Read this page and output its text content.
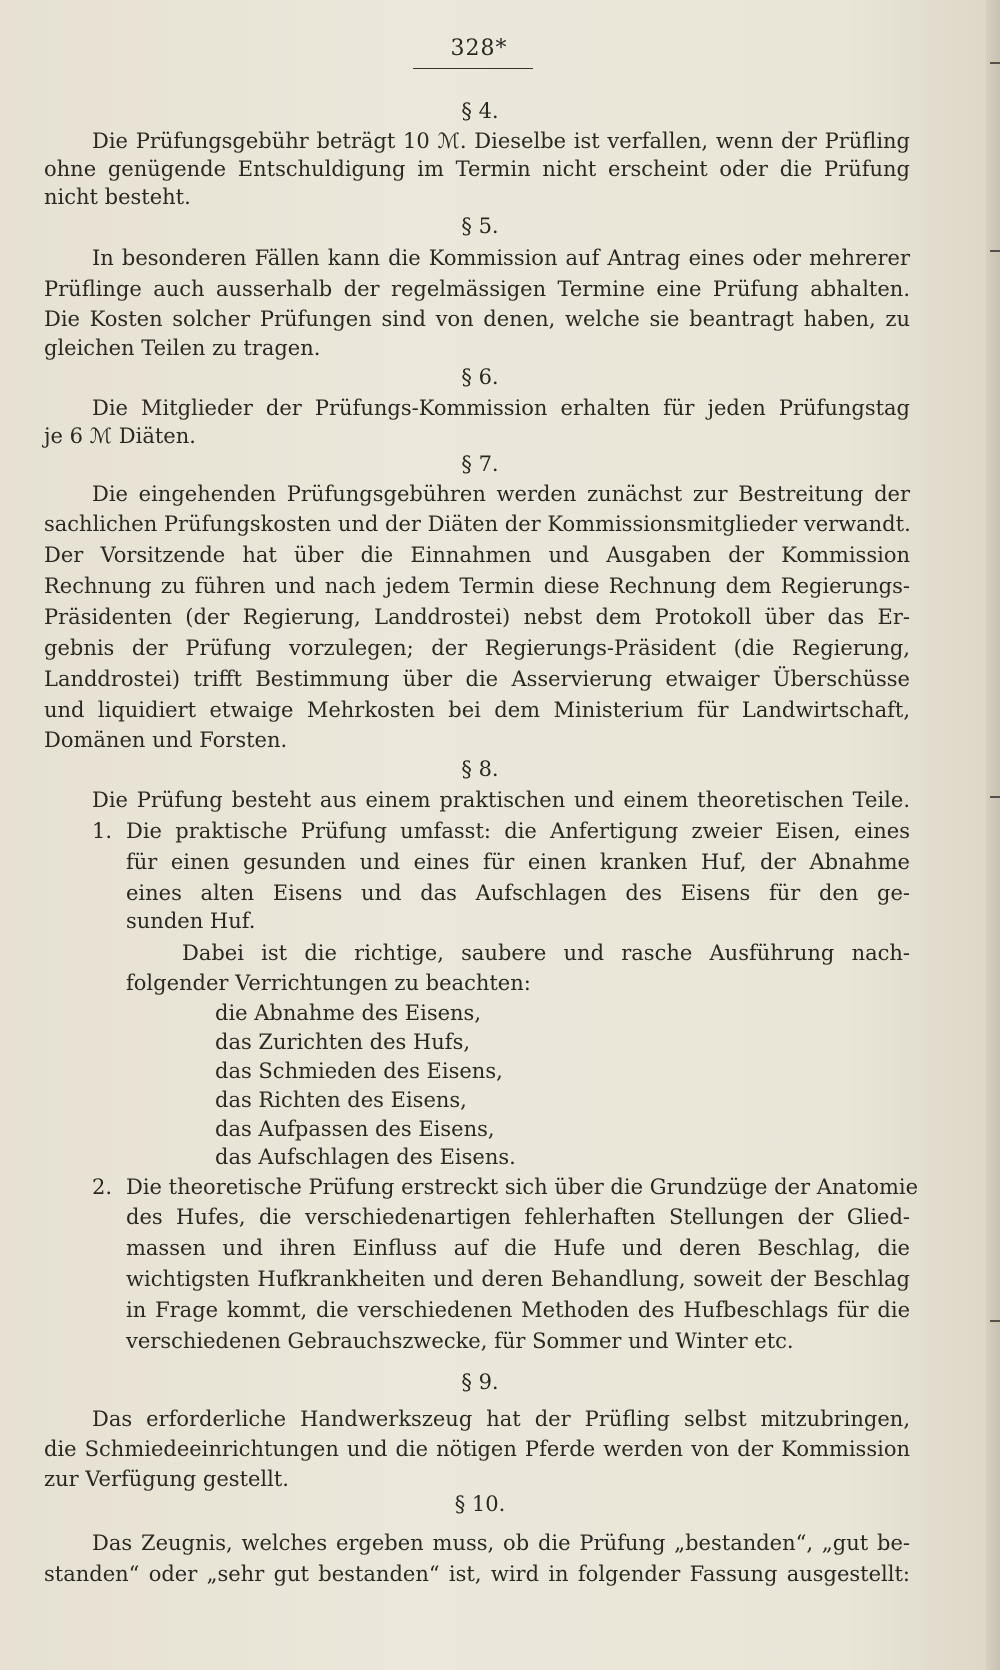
328*
§ 4.
Die Prüfungsgebühr beträgt 10 ℳ. Dieselbe ist verfallen, wenn der Prüfling
ohne genügende Entschuldigung im Termin nicht erscheint oder die Prüfung
nicht besteht.
§ 5.
In besonderen Fällen kann die Kommission auf Antrag eines oder mehrerer
Prüflinge auch ausserhalb der regelmässigen Termine eine Prüfung abhalten.
Die Kosten solcher Prüfungen sind von denen, welche sie beantragt haben, zu
gleichen Teilen zu tragen.
§ 6.
Die Mitglieder der Prüfungs-Kommission erhalten für jeden Prüfungstag
je 6 ℳ Diäten.
§ 7.
Die eingehenden Prüfungsgebühren werden zunächst zur Bestreitung der
sachlichen Prüfungskosten und der Diäten der Kommissionsmitglieder verwandt.
Der Vorsitzende hat über die Einnahmen und Ausgaben der Kommission
Rechnung zu führen und nach jedem Termin diese Rechnung dem Regierungs-
Präsidenten (der Regierung, Landdrostei) nebst dem Protokoll über das Er-
gebnis der Prüfung vorzulegen; der Regierungs-Präsident (die Regierung,
Landdrostei) trifft Bestimmung über die Asservierung etwaiger Überschüsse
und liquidiert etwaige Mehrkosten bei dem Ministerium für Landwirtschaft,
Domänen und Forsten.
§ 8.
Die Prüfung besteht aus einem praktischen und einem theoretischen Teile.
1. Die praktische Prüfung umfasst: die Anfertigung zweier Eisen, eines
für einen gesunden und eines für einen kranken Huf, der Abnahme
eines alten Eisens und das Aufschlagen des Eisens für den ge-
sunden Huf.
Dabei ist die richtige, saubere und rasche Ausführung nach-
folgender Verrichtungen zu beachten:
die Abnahme des Eisens,
das Zurichten des Hufs,
das Schmieden des Eisens,
das Richten des Eisens,
das Aufpassen des Eisens,
das Aufschlagen des Eisens.
2. Die theoretische Prüfung erstreckt sich über die Grundzüge der Anatomie
des Hufes, die verschiedenartigen fehlerhaften Stellungen der Glied-
massen und ihren Einfluss auf die Hufe und deren Beschlag, die
wichtigsten Hufkrankheiten und deren Behandlung, soweit der Beschlag
in Frage kommt, die verschiedenen Methoden des Hufbeschlags für die
verschiedenen Gebrauchszwecke, für Sommer und Winter etc.
§ 9.
Das erforderliche Handwerkszeug hat der Prüfling selbst mitzubringen,
die Schmiedeeinrichtungen und die nötigen Pferde werden von der Kommission
zur Verfügung gestellt.
§ 10.
Das Zeugnis, welches ergeben muss, ob die Prüfung „bestanden“, „gut be-
standen“ oder „sehr gut bestanden“ ist, wird in folgender Fassung ausgestellt:
